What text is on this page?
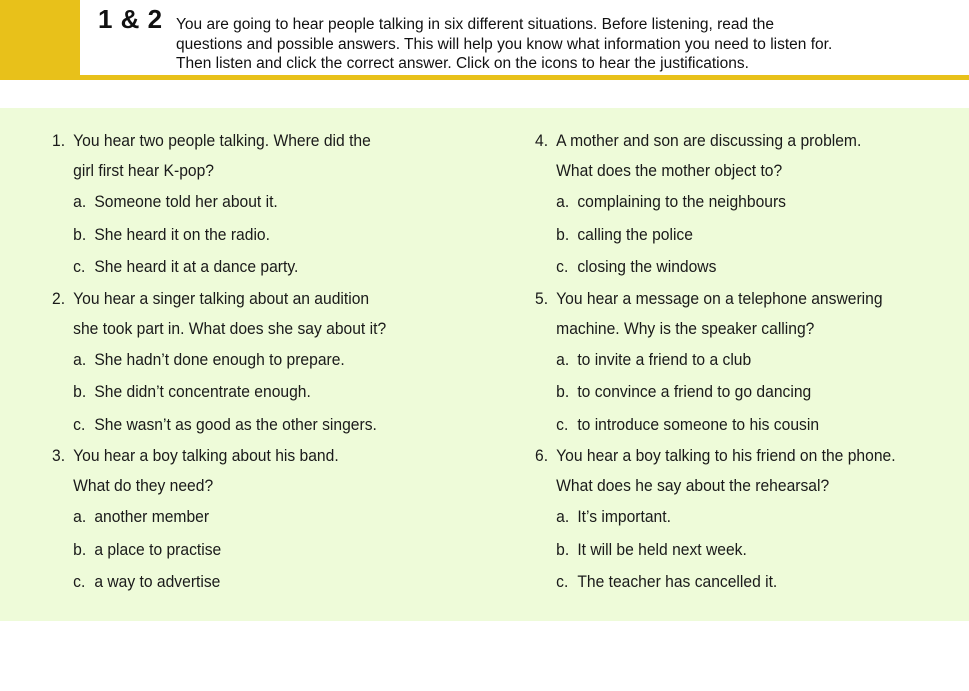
1 & 2 You are going to hear people talking in six different situations. Before listening, read the
questions and possible answers. This will help you know what information you need to listen for.
Then listen and click the correct answer. Click on the icons to hear the justifications.
1. You hear two people talking. Where did the
girl first hear K-pop?
a. Someone told her about it.
b. She heard it on the radio.
c. She heard it at a dance party.
2. You hear a singer talking about an audition
she took part in. What does she say about it?
a. She hadn’t done enough to prepare.
b. She didn’t concentrate enough.
c. She wasn’t as good as the other singers.
3. You hear a boy talking about his band.
What do they need?
a. another member
b. a place to practise
c. a way to advertise
4. A mother and son are discussing a problem.
What does the mother object to?
a. complaining to the neighbours
b. calling the police
c. closing the windows
5. You hear a message on a telephone answering
machine. Why is the speaker calling?
a. to invite a friend to a club
b. to convince a friend to go dancing
c. to introduce someone to his cousin
6. You hear a boy talking to his friend on the phone.
What does he say about the rehearsal?
a. It’s important.
b. It will be held next week.
c. The teacher has cancelled it.
